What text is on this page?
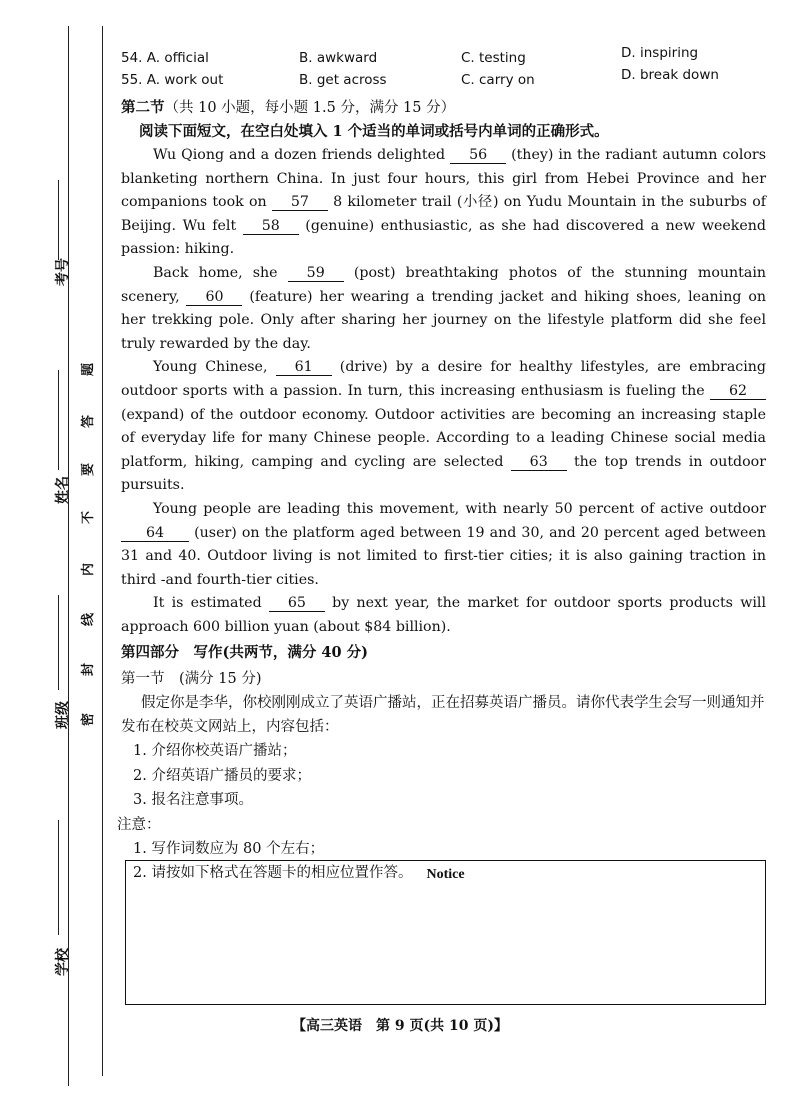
考号
姓名
班级
学校
题
答
要
不
内
线
封
密
54. A. official	B. awkward	C. testing	D. inspiring
55. A. work out	B. get across	C. carry on	D. break down
第二节（共 10 小题，每小题 1.5 分，满分 15 分）
阅读下面短文，在空白处填入 1 个适当的单词或括号内单词的正确形式。

Wu Qiong and a dozen friends delighted 56 (they) in the radiant autumn colors blanketing northern China. In just four hours, this girl from Hebei Province and her companions took on 57 8 kilometer trail (小径) on Yudu Mountain in the suburbs of Beijing. Wu felt 58 (genuine) enthusiastic, as she had discovered a new weekend passion: hiking.

Back home, she 59 (post) breathtaking photos of the stunning mountain scenery, 60 (feature) her wearing a trending jacket and hiking shoes, leaning on her trekking pole. Only after sharing her journey on the lifestyle platform did she feel truly rewarded by the day.

Young Chinese, 61 (drive) by a desire for healthy lifestyles, are embracing outdoor sports with a passion. In turn, this increasing enthusiasm is fueling the 62 (expand) of the outdoor economy. Outdoor activities are becoming an increasing staple of everyday life for many Chinese people. According to a leading Chinese social media platform, hiking, camping and cycling are selected 63 the top trends in outdoor pursuits.

Young people are leading this movement, with nearly 50 percent of active outdoor 64 (user) on the platform aged between 19 and 30, and 20 percent aged between 31 and 40. Outdoor living is not limited to first-tier cities; it is also gaining traction in third -and fourth-tier cities.

It is estimated 65 by next year, the market for outdoor sports products will approach 600 billion yuan (about $84 billion).

第四部分　写作(共两节，满分 40 分)
第一节　(满分 15 分)

假定你是李华，你校刚刚成立了英语广播站，正在招募英语广播员。请你代表学生会写一则通知并发布在校英文网站上，内容包括：

1. 介绍你校英语广播站；
2. 介绍英语广播员的要求；
3. 报名注意事项。
注意：
1. 写作词数应为 80 个左右；
2. 请按如下格式在答题卡的相应位置作答。	Notice
【高三英语　第 9 页(共 10 页)】
